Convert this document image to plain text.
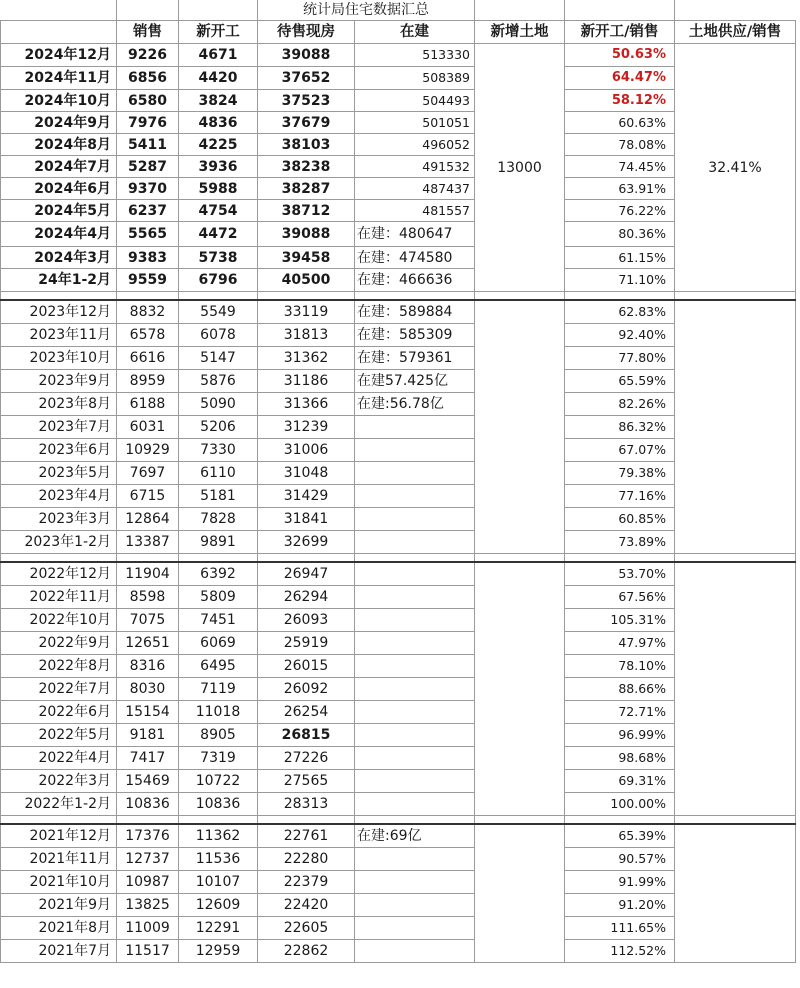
			统计局住宅数据汇总				
	销售	新开工	待售现房	在建	新增土地	新开工/销售	土地供应/销售
2024年12月	9226	4671	39088	513330	13000	50.63%	32.41%
2024年11月	6856	4420	37652	508389		64.47%	
2024年10月	6580	3824	37523	504493		58.12%	
2024年9月	7976	4836	37679	501051		60.63%	
2024年8月	5411	4225	38103	496052		78.08%	
2024年7月	5287	3936	38238	491532		74.45%	
2024年6月	9370	5988	38287	487437		63.91%	
2024年5月	6237	4754	38712	481557		76.22%	
2024年4月	5565	4472	39088	在建：480647		80.36%	
2024年3月	9383	5738	39458	在建：474580		61.15%	
24年1-2月	9559	6796	40500	在建：466636		71.10%	

2023年12月	8832	5549	33119	在建：589884		62.83%	
2023年11月	6578	6078	31813	在建：585309		92.40%	
2023年10月	6616	5147	31362	在建：579361		77.80%	
2023年9月	8959	5876	31186	在建57.425亿		65.59%	
2023年8月	6188	5090	31366	在建:56.78亿		82.26%	
2023年7月	6031	5206	31239			86.32%	
2023年6月	10929	7330	31006			67.07%	
2023年5月	7697	6110	31048			79.38%	
2023年4月	6715	5181	31429			77.16%	
2023年3月	12864	7828	31841			60.85%	
2023年1-2月	13387	9891	32699			73.89%	

2022年12月	11904	6392	26947			53.70%	
2022年11月	8598	5809	26294			67.56%	
2022年10月	7075	7451	26093			105.31%	
2022年9月	12651	6069	25919			47.97%	
2022年8月	8316	6495	26015			78.10%	
2022年7月	8030	7119	26092			88.66%	
2022年6月	15154	11018	26254			72.71%	
2022年5月	9181	8905	26815			96.99%	
2022年4月	7417	7319	27226			98.68%	
2022年3月	15469	10722	27565			69.31%	
2022年1-2月	10836	10836	28313			100.00%	

2021年12月	17376	11362	22761	在建:69亿		65.39%	
2021年11月	12737	11536	22280			90.57%	
2021年10月	10987	10107	22379			91.99%	
2021年9月	13825	12609	22420			91.20%	
2021年8月	11009	12291	22605			111.65%	
2021年7月	11517	12959	22862			112.52%	
